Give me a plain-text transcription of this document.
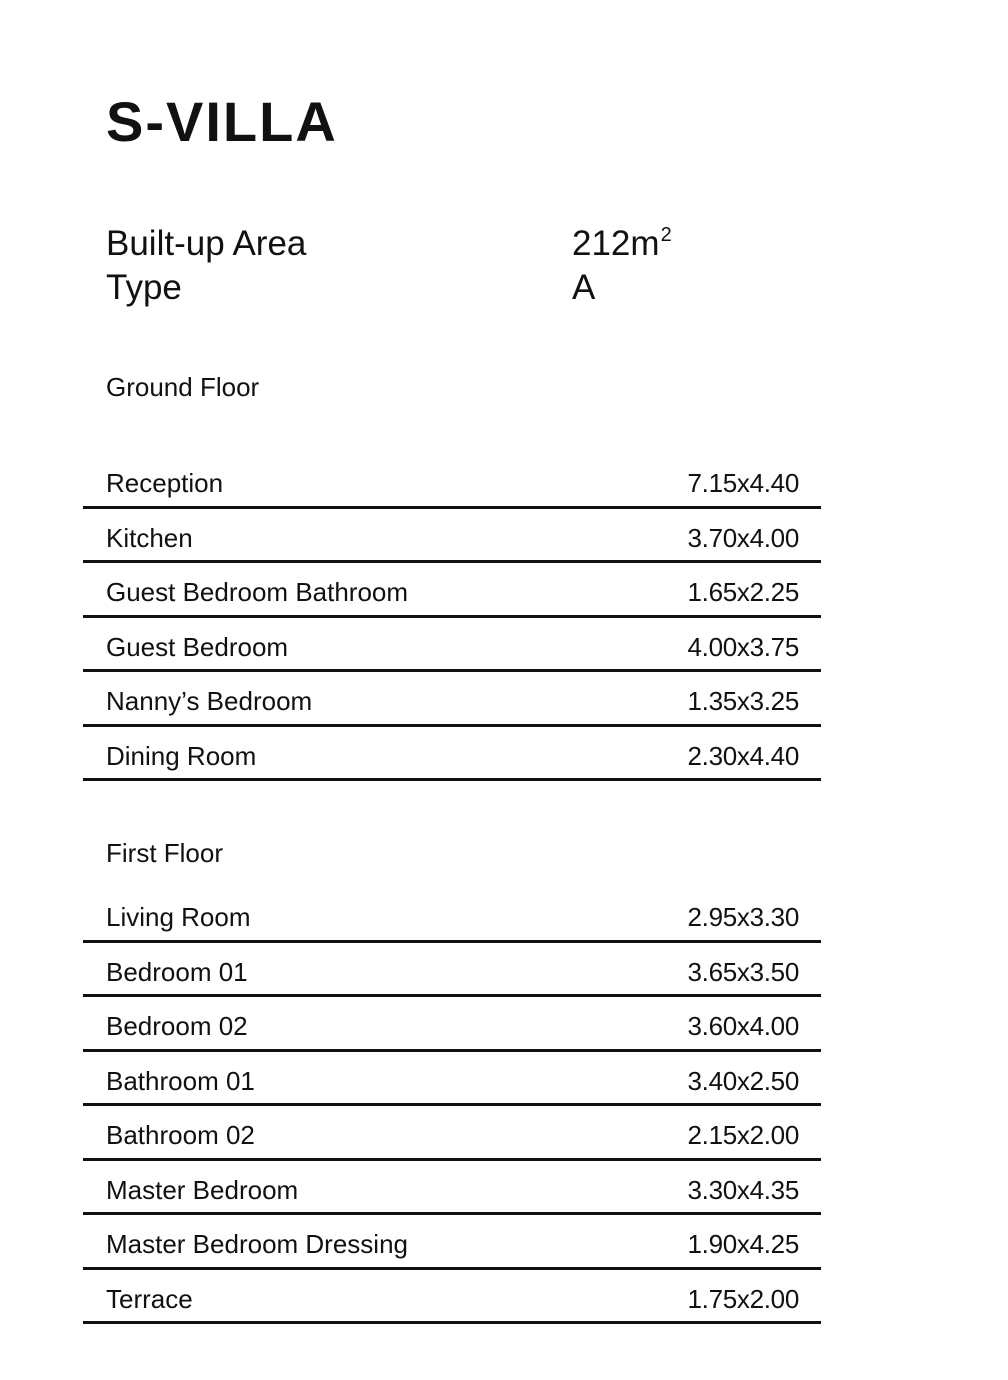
S-VILLA
Built-up Area	$212m^2$
Type	A
Ground Floor
Reception	7.15x4.40
Kitchen	3.70x4.00
Guest Bedroom Bathroom	1.65x2.25
Guest Bedroom	4.00x3.75
Nanny’s Bedroom	1.35x3.25
Dining Room	2.30x4.40
First Floor
Living Room	2.95x3.30
Bedroom 01	3.65x3.50
Bedroom 02	3.60x4.00
Bathroom 01	3.40x2.50
Bathroom 02	2.15x2.00
Master Bedroom	3.30x4.35
Master Bedroom Dressing	1.90x4.25
Terrace	1.75x2.00
